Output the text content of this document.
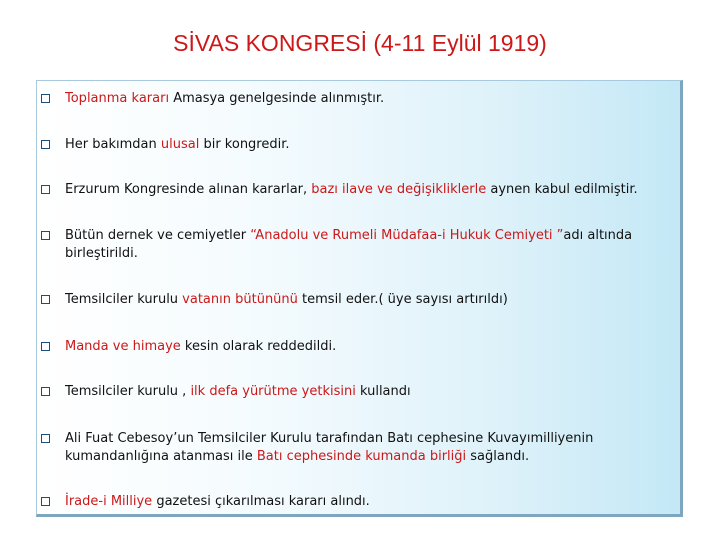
SİVAS KONGRESİ (4-11 Eylül 1919)
Toplanma kararı Amasya genelgesinde alınmıştır.
Her bakımdan ulusal bir kongredir.
Erzurum Kongresinde alınan kararlar, bazı ilave ve değişikliklerle aynen kabul edilmiştir.
Bütün dernek ve cemiyetler “Anadolu ve Rumeli Müdafaa-i Hukuk Cemiyeti ”adı altında birleştirildi.
Temsilciler kurulu vatanın bütününü temsil eder.( üye sayısı artırıldı)
Manda ve himaye kesin olarak reddedildi.
Temsilciler kurulu , ilk defa yürütme yetkisini kullandı
Ali Fuat Cebesoy’un Temsilciler Kurulu tarafından Batı cephesine Kuvayımilliyenin kumandanlığına atanması ile Batı cephesinde kumanda birliği sağlandı.
İrade-i Milliye gazetesi çıkarılması kararı alındı.
